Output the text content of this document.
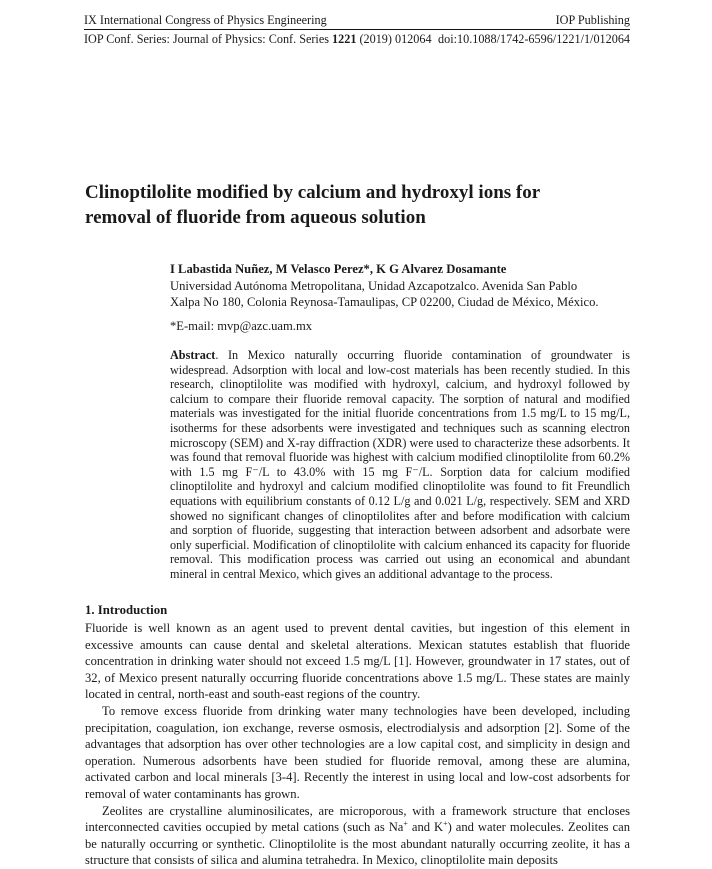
IX International Congress of Physics Engineering	IOP Publishing
IOP Conf. Series: Journal of Physics: Conf. Series 1221 (2019) 012064 doi:10.1088/1742-6596/1221/1/012064
Clinoptilolite modified by calcium and hydroxyl ions for
removal of fluoride from aqueous solution
I Labastida Nuñez, M Velasco Perez*, K G Alvarez Dosamante
Universidad Autónoma Metropolitana, Unidad Azcapotzalco. Avenida San Pablo
Xalpa No 180, Colonia Reynosa-Tamaulipas, CP 02200, Ciudad de México, México.
*E-mail: mvp@azc.uam.mx
Abstract. In Mexico naturally occurring fluoride contamination of groundwater is widespread. Adsorption with local and low-cost materials has been recently studied. In this research, clinoptilolite was modified with hydroxyl, calcium, and hydroxyl followed by calcium to compare their fluoride removal capacity. The sorption of natural and modified materials was investigated for the initial fluoride concentrations from 1.5 mg/L to 15 mg/L, isotherms for these adsorbents were investigated and techniques such as scanning electron microscopy (SEM) and X-ray diffraction (XDR) were used to characterize these adsorbents. It was found that removal fluoride was highest with calcium modified clinoptilolite from 60.2% with 1.5 mg F⁻/L to 43.0% with 15 mg F⁻/L. Sorption data for calcium modified clinoptilolite and hydroxyl and calcium modified clinoptilolite was found to fit Freundlich equations with equilibrium constants of 0.12 L/g and 0.021 L/g, respectively. SEM and XRD showed no significant changes of clinoptilolites after and before modification with calcium and sorption of fluoride, suggesting that interaction between adsorbent and adsorbate were only superficial. Modification of clinoptilolite with calcium enhanced its capacity for fluoride removal. This modification process was carried out using an economical and abundant mineral in central Mexico, which gives an additional advantage to the process.
1. Introduction

Fluoride is well known as an agent used to prevent dental cavities, but ingestion of this element in excessive amounts can cause dental and skeletal alterations. Mexican statutes establish that fluoride concentration in drinking water should not exceed 1.5 mg/L [1]. However, groundwater in 17 states, out of 32, of Mexico present naturally occurring fluoride concentrations above 1.5 mg/L. These states are mainly located in central, north-east and south-east regions of the country.

To remove excess fluoride from drinking water many technologies have been developed, including precipitation, coagulation, ion exchange, reverse osmosis, electrodialysis and adsorption [2]. Some of the advantages that adsorption has over other technologies are a low capital cost, and simplicity in design and operation. Numerous adsorbents have been studied for fluoride removal, among these are alumina, activated carbon and local minerals [3-4]. Recently the interest in using local and low-cost adsorbents for removal of water contaminants has grown.

Zeolites are crystalline aluminosilicates, are microporous, with a framework structure that encloses interconnected cavities occupied by metal cations (such as Na+ and K+) and water molecules. Zeolites can be naturally occurring or synthetic. Clinoptilolite is the most abundant naturally occurring zeolite, it has a structure that consists of silica and alumina tetrahedra. In Mexico, clinoptilolite main deposits
